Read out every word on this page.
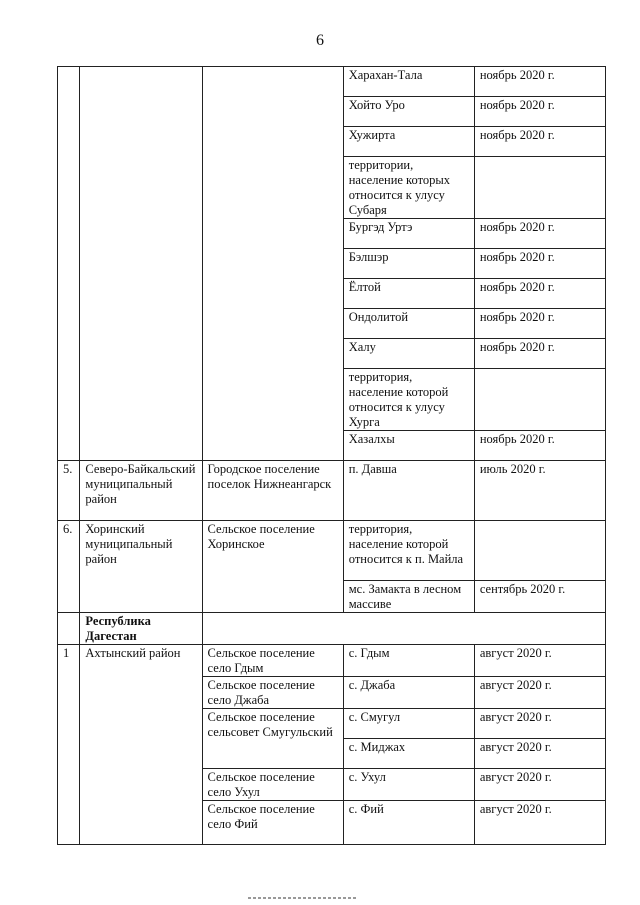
6
			Харахан-Тала	ноябрь 2020 г.
			Хойто Уро	ноябрь 2020 г.
			Хужирта	ноябрь 2020 г.
			территории, население которых относится к улусу Субаря	
			Бургэд Уртэ	ноябрь 2020 г.
			Бэлшэр	ноябрь 2020 г.
			Ёлтой	ноябрь 2020 г.
			Ондолитой	ноябрь 2020 г.
			Халу	ноябрь 2020 г.
			территория, население которой относится к улусу Хурга	
			Хазалхы	ноябрь 2020 г.
5.	Северо-Байкальский муниципальный район	Городское поселение поселок Нижнеангарск	п. Давша	июль 2020 г.
6.	Хоринский муниципальный район	Сельское поселение Хоринское	территория, население которой относится к п. Майла	
			мс. Замакта в лесном массиве	сентябрь 2020 г.
	Республика Дагестан			
1	Ахтынский район	Сельское поселение село Гдым	с. Гдым	август 2020 г.
		Сельское поселение село Джаба	с. Джаба	август 2020 г.
		Сельское поселение сельсовет Смугульский	с. Смугул	август 2020 г.
			с. Миджах	август 2020 г.
		Сельское поселение село Ухул	с. Ухул	август 2020 г.
		Сельское поселение село Фий	с. Фий	август 2020 г.
